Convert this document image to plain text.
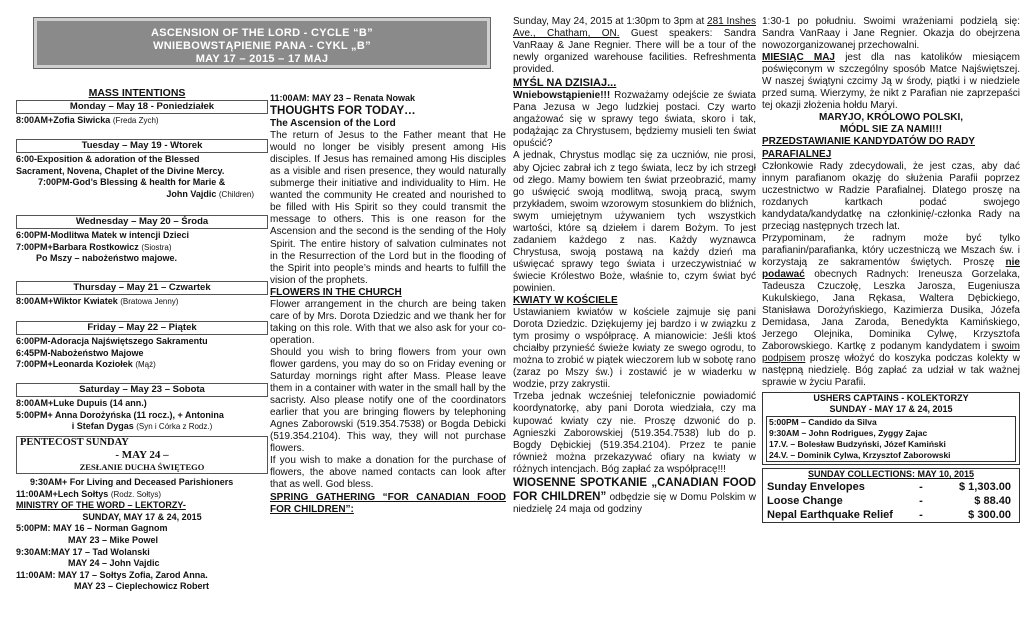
ASCENSION OF THE LORD - CYCLE “B”
WNIEBOWSTĄPIENIE PANA - CYKL „B”
MAY 17 – 2015 – 17 MAJ
MASS INTENTIONS
Monday – May 18 - Poniedziałek
8:00AM+Zofia Siwicka (Freda Zych)
Tuesday – May 19 - Wtorek
6:00-Exposition & adoration of the Blessed
Sacrament, Novena, Chaplet of the Divine Mercy.
7:00PM-God’s Blessing & health for Marie &
John Vajdic (Children)
Wednesday – May 20 – Środa
6:00PM-Modlitwa Matek w intencji Dzieci
7:00PM+Barbara Rostkowicz (Siostra)
Po Mszy – nabożeństwo majowe.
Thursday – May 21 – Czwartek
8:00AM+Wiktor Kwiatek (Bratowa Jenny)
Friday – May 22 – Piątek
6:00PM-Adoracja Najświętszego Sakramentu
6:45PM-Nabożeństwo Majowe
7:00PM+Leonarda Koziołek (Mąż)
Saturday – May 23 – Sobota
8:00AM+Luke Dupuis (14 ann.)
5:00PM+ Anna Dorożyńska (11 rocz.), + Antonina
i Stefan Dygas (Syn i Córka z Rodz.)
PENTECOST SUNDAY
- MAY 24 –
ZESŁANIE DUCHA ŚWIĘTEGO
9:30AM+ For Living and Deceased Parishioners
11:00AM+Lech Sołtys (Rodz. Sołtys)
MINISTRY OF THE WORD – LEKTORZY-
SUNDAY, MAY 17 & 24, 2015
5:00PM: MAY 16 – Norman Gagnom
MAY 23 – Mike Powel
9:30AM:MAY 17 – Tad Wolanski
MAY 24 – John Vajdic
11:00AM: MAY 17 – Sołtys Zofia, Zarod Anna.
MAY 23 – Cieplechowicz Robert

11:00AM: MAY 23 – Renata Nowak

THOUGHTS FOR TODAY…

The Ascension of the Lord

The return of Jesus to the Father meant that He would no longer be visibly present among His disciples. If Jesus has remained among His disciples as a visible and risen presence, they would naturally submerge their initiative and individuality to Him. He wanted the community He created and nourished to be filled with His Spirit so they could transmit the message to others. This is one reason for the Ascension and the second is the sending of the Holy Spirit. The entire history of salvation culminates not in the Resurrection of the Lord but in the flooding of the Spirit into people’s minds and hearts to fulfill the vision of the prophets.

FLOWERS IN THE CHURCH

Flower arrangement in the church are being taken care of by Mrs. Dorota Dziedzic and we thank her for taking on this role. With that we also ask for your co-operation.

Should you wish to bring flowers from your own flower gardens, you may do so on Friday evening or Saturday mornings right after Mass. Please leave them in a container with water in the small hall by the sacristy. Also please notify one of the coordinators earlier that you are bringing flowers by telephoning Agnes Zaborowski (519.354.7538) or Bogda Debicki (519.354.2104). This way, they will not purchase flowers.

If you wish to make a donation for the purchase of flowers, the above named contacts can look after that as well. God bless.

SPRING GATHERING “FOR CANADIAN FOOD FOR CHILDREN”:

Sunday, May 24, 2015 at 1:30pm to 3pm at 281 Inshes Ave., Chatham, ON. Guest speakers: Sandra VanRaay & Jane Regnier. There will be a tour of the newly organized warehouse facilities. Refreshmenta provided.

MYŚL NA DZISIAJ...

Wniebowstąpienie!!! Rozważamy odejście ze świata Pana Jezusa w Jego ludzkiej postaci. Czy warto angażować się w sprawy tego świata, skoro i tak, podążając za Chrystusem, będziemy musieli ten świat opuścić?

A jednak, Chrystus modląc się za uczniów, nie prosi, aby Ojciec zabrał ich z tego świata, lecz by ich strzegł od złego. Mamy bowiem ten świat przeobrazić, mamy go uświęcić swoją modlitwą, swoją pracą, swym przykładem, swoim wzorowym stosunkiem do bliźnich, swym umiejętnym używaniem tych wszystkich wartości, które są dziełem i darem Bożym. To jest zadaniem każdego z nas. Każdy wyznawca Chrystusa, swoją postawą na każdy dzień ma uświęcać sprawy tego świata i urzeczywistniać w świecie Królestwo Boże, właśnie to, czym świat być powinien.

KWIATY W KOŚCIELE

Ustawianiem kwiatów w kościele zajmuje się pani Dorota Dziedzic. Dziękujemy jej bardzo i w związku z tym prosimy o współpracę. A mianowicie: Jeśli ktoś chciałby przynieść świeże kwiaty ze swego ogrodu, to można to zrobić w piątek wieczorem lub w sobotę rano (zaraz po Mszy św.) i zostawić je w wiaderku w wodzie, przy zakrystii.

Trzeba jednak wcześniej telefonicznie powiadomić koordynatorkę, aby pani Dorota wiedziała, czy ma kupować kwiaty czy nie. Proszę dzwonić do p. Agnieszki Zaborowskiej (519.354.7538) lub do p. Bogdy Dębickiej (519.354.2104). Przez te panie również można przekazywać ofiary na kwiaty w różnych intencjach. Bóg zapłać za współpracę!!!

WIOSENNE SPOTKANIE „CANADIAN FOOD FOR CHILDREN” odbędzie się w Domu Polskim w niedzielę 24 maja od godziny

1:30-1 po południu. Swoimi wrażeniami podzielą się: Sandra VanRaay i Jane Regnier. Okazja do obejrzena nowozorganizowanej przechowalni.

MIESIĄC MAJ jest dla nas katolików miesiącem poświęconym w szczególny sposób Matce Najświętszej. W naszej świątyni czcimy Ją w środy, piątki i w niedziele przed sumą. Wierzymy, że nikt z Parafian nie zaprzepaści tej okazji złożenia hołdu Maryi.

MARYJO, KRÓLOWO POLSKI,

MÓDL SIE ZA NAMI!!!

PRZEDSTAWIANIE KANDYDATÓW DO RADY PARAFIALNEJ

Członkowie Rady zdecydowali, że jest czas, aby dać innym parafianom okazję do służenia Parafii poprzez uczestnictwo w Radzie Parafialnej. Dlatego proszę na rozdanych kartkach podać swojego kandydata/kandydatkę na członkinię/-członka Rady na przeciąg następnych trzech lat.

Przypominam, że radnym może być tylko parafianin/parafianka, który uczestniczą we Mszach św. i korzystają ze sakramentów świętych. Proszę nie podawać obecnych Radnych: Ireneusza Gorzelaka, Tadeusza Czuczołę, Leszka Jarosza, Eugeniusza Kukulskiego, Jana Rękasa, Waltera Dębickiego, Stanisława Dorożyńskiego, Kazimierza Dusika, Józefa Demidasa, Jana Zaroda, Benedykta Kamińskiego, Jerzego Olejnika, Dominika Cylwę, Krzysztofa Zaborowskiego. Kartkę z podanym kandydatem i swoim podpisem proszę włożyć do koszyka podczas kolekty w następną niedzielę. Bóg zapłać za udział w tak ważnej sprawie w życiu Parafii.

USHERS CAPTAINS - KOLEKTORZY
SUNDAY - MAY 17 & 24, 2015
5:00PM – Candido da Silva
9:30AM – John Rodrigues, Zyggy Zajac
17.V. – Bolesław Budzyński, Józef Kamiński
24.V. – Dominik Cylwa, Krzysztof Zaborowski
SUNDAY COLLECTIONS: MAY 10, 2015
Sunday Envelopes	-	$ 1,303.00
Loose Change	-	$ 88.40
Nepal Earthquake Relief	-	$ 300.00
